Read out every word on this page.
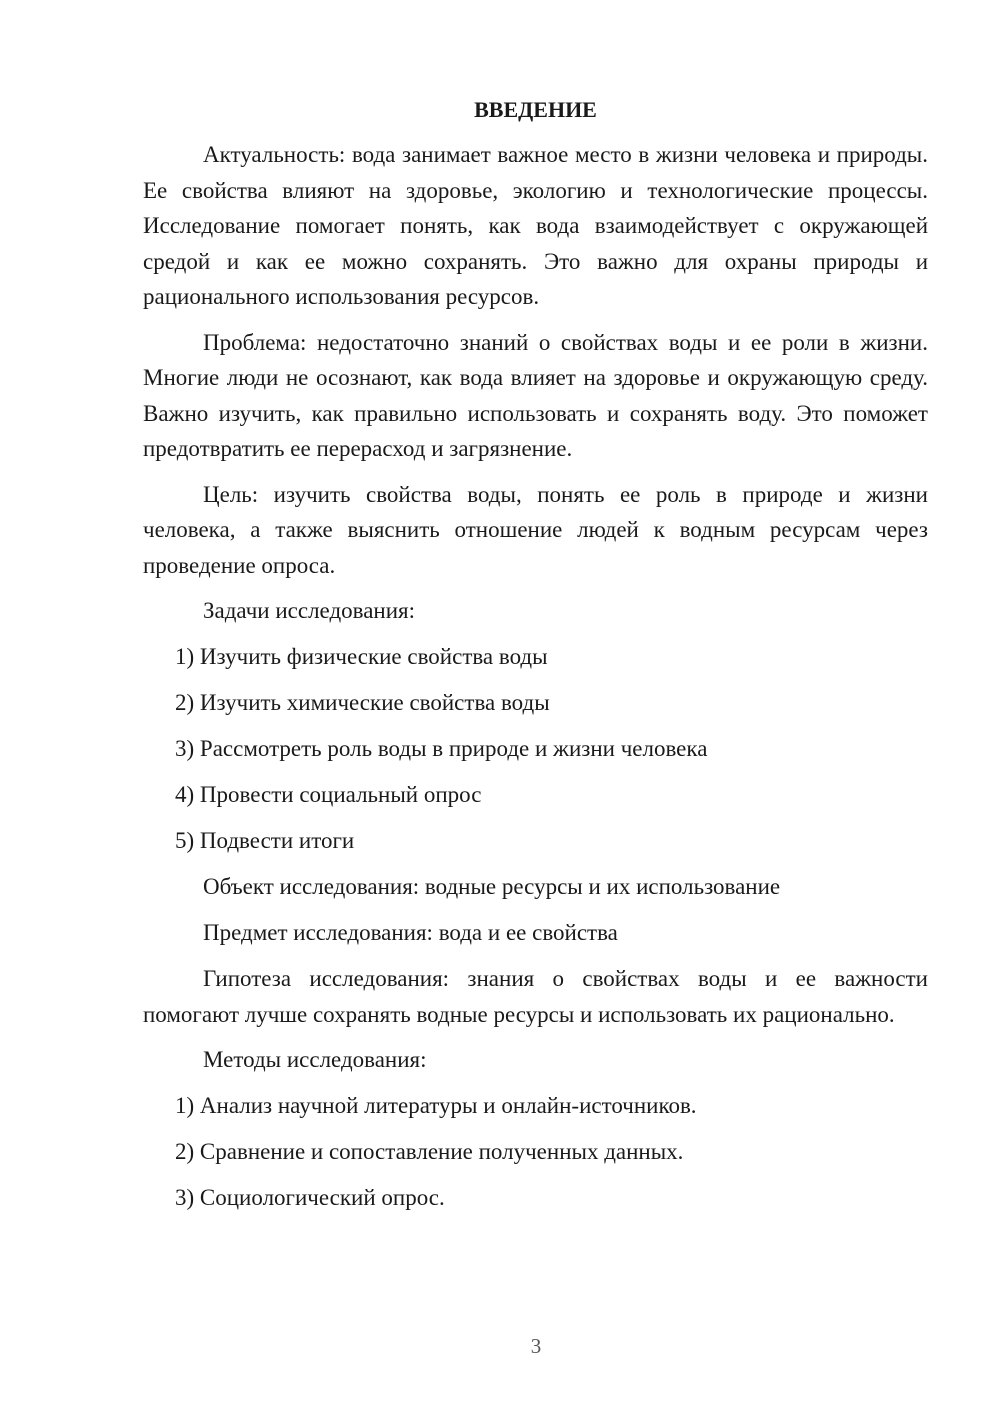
ВВЕДЕНИЕ

Актуальность: вода занимает важное место в жизни человека и природы. Ее свойства влияют на здоровье, экологию и технологические процессы. Исследование помогает понять, как вода взаимодействует с окружающей средой и как ее можно сохранять. Это важно для охраны природы и рационального использования ресурсов.

Проблема: недостаточно знаний о свойствах воды и ее роли в жизни. Многие люди не осознают, как вода влияет на здоровье и окружающую среду. Важно изучить, как правильно использовать и сохранять воду. Это поможет предотвратить ее перерасход и загрязнение.

Цель: изучить свойства воды, понять ее роль в природе и жизни человека, а также выяснить отношение людей к водным ресурсам через проведение опроса.

Задачи исследования:
1) Изучить физические свойства воды
2) Изучить химические свойства воды
3) Рассмотреть роль воды в природе и жизни человека
4) Провести социальный опрос
5) Подвести итоги
Объект исследования: водные ресурсы и их использование
Предмет исследования: вода и ее свойства

Гипотеза исследования: знания о свойствах воды и ее важности помогают лучше сохранять водные ресурсы и использовать их рационально.

Методы исследования:
1) Анализ научной литературы и онлайн-источников.
2) Сравнение и сопоставление полученных данных.
3) Социологический опрос.
3
